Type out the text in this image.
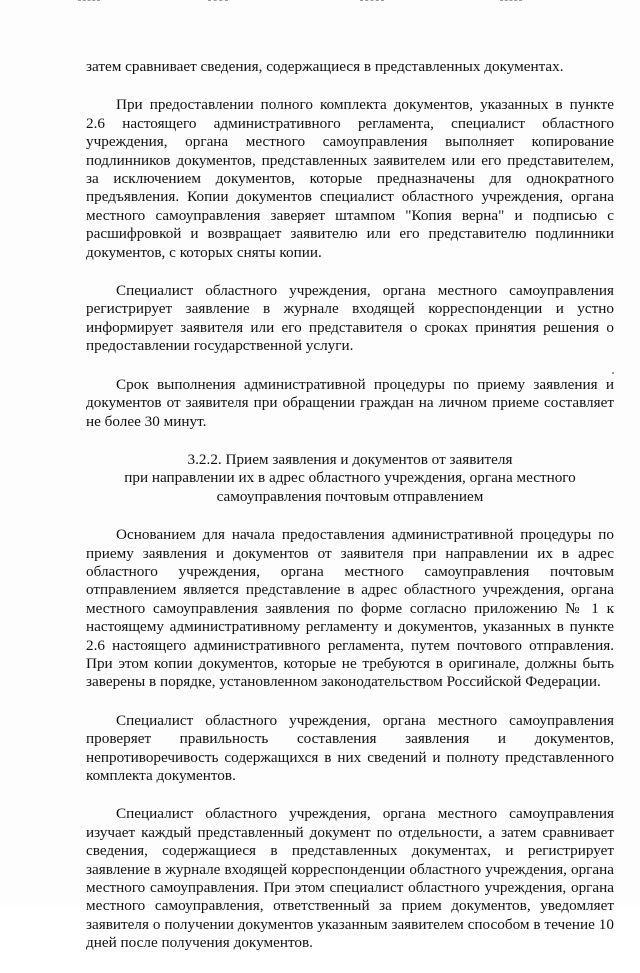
затем сравнивает сведения, содержащиеся в представленных документах.

При предоставлении полного комплекта документов, указанных в пункте 2.6 настоящего административного регламента, специалист областного учреждения, органа местного самоуправления выполняет копирование подлинников документов, представленных заявителем или его представителем, за исключением документов, которые предназначены для однократного предъявления. Копии документов специалист областного учреждения, органа местного самоуправления заверяет штампом "Копия верна" и подписью с расшифровкой и возвращает заявителю или его представителю подлинники документов, с которых сняты копии.

Специалист областного учреждения, органа местного самоуправления регистрирует заявление в журнале входящей корреспонденции и устно информирует заявителя или его представителя о сроках принятия решения о предоставлении государственной услуги.

Срок выполнения административной процедуры по приему заявления и документов от заявителя при обращении граждан на личном приеме составляет не более 30 минут.

3.2.2. Прием заявления и документов от заявителя
при направлении их в адрес областного учреждения, органа местного
самоуправления почтовым отправлением

Основанием для начала предоставления административной процедуры по приему заявления и документов от заявителя при направлении их в адрес областного учреждения, органа местного самоуправления почтовым отправлением является представление в адрес областного учреждения, органа местного самоуправления заявления по форме согласно приложению № 1 к настоящему административному регламенту и документов, указанных в пункте 2.6 настоящего административного регламента, путем почтового отправления. При этом копии документов, которые не требуются в оригинале, должны быть заверены в порядке, установленном законодательством Российской Федерации.

Специалист областного учреждения, органа местного самоуправления проверяет правильность составления заявления и документов, непротиворечивость содержащихся в них сведений и полноту представленного комплекта документов.

Специалист областного учреждения, органа местного самоуправления изучает каждый представленный документ по отдельности, а затем сравнивает сведения, содержащиеся в представленных документах, и регистрирует заявление в журнале входящей корреспонденции областного учреждения, органа местного самоуправления. При этом специалист областного учреждения, органа местного самоуправления, ответственный за прием документов, уведомляет заявителя о получении документов указанным заявителем способом в течение 10 дней после получения документов.
